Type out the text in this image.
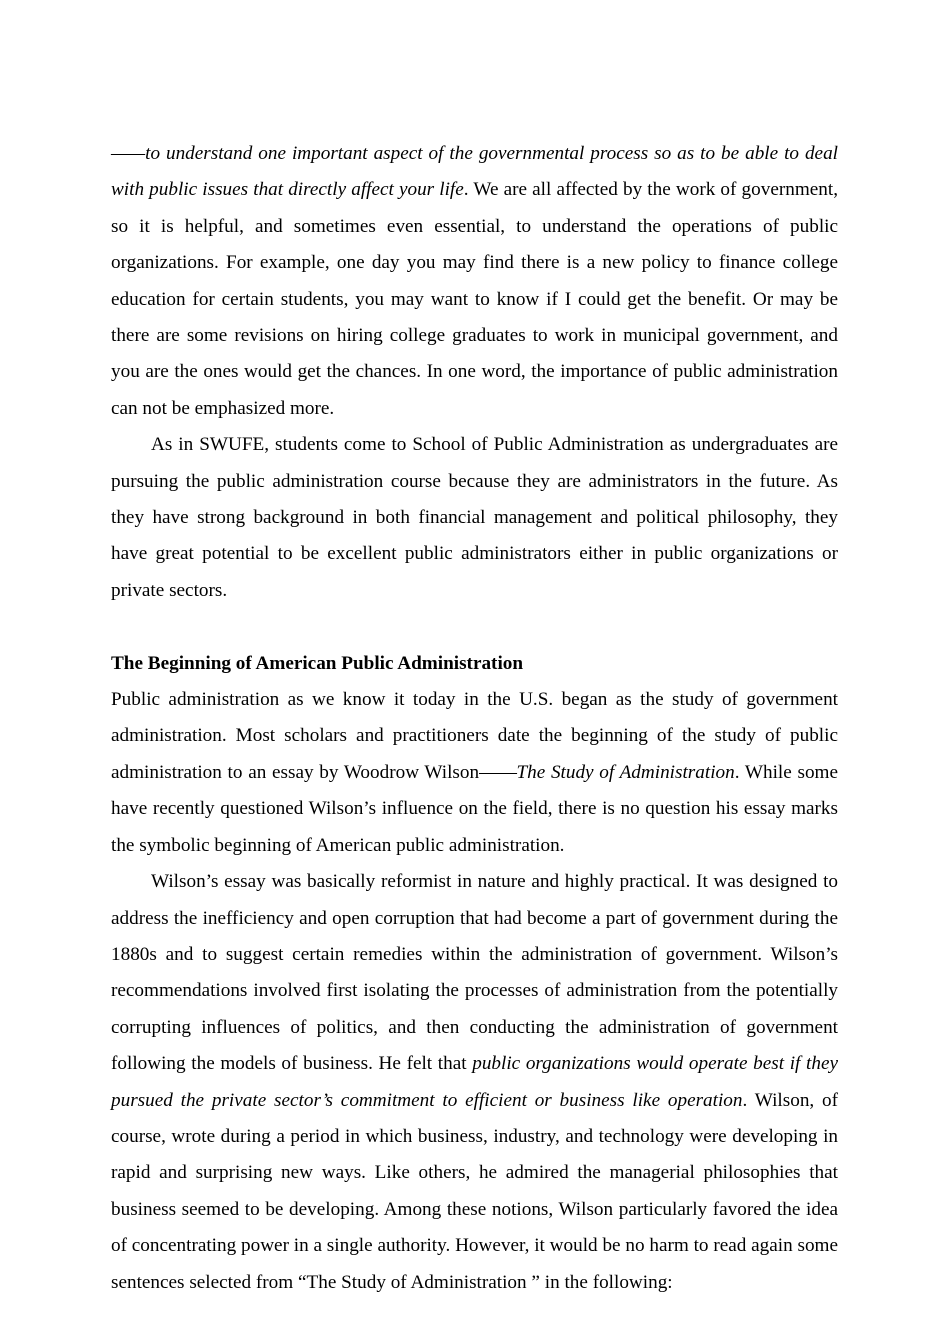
——to understand one important aspect of the governmental process so as to be able to deal with public issues that directly affect your life. We are all affected by the work of government, so it is helpful, and sometimes even essential, to understand the operations of public organizations. For example, one day you may find there is a new policy to finance college education for certain students, you may want to know if I could get the benefit. Or may be there are some revisions on hiring college graduates to work in municipal government, and you are the ones would get the chances. In one word, the importance of public administration can not be emphasized more.

As in SWUFE, students come to School of Public Administration as undergraduates are pursuing the public administration course because they are administrators in the future. As they have strong background in both financial management and political philosophy, they have great potential to be excellent public administrators either in public organizations or private sectors.

The Beginning of American Public Administration

Public administration as we know it today in the U.S. began as the study of government administration. Most scholars and practitioners date the beginning of the study of public administration to an essay by Woodrow Wilson——The Study of Administration. While some have recently questioned Wilson’s influence on the field, there is no question his essay marks the symbolic beginning of American public administration.

Wilson’s essay was basically reformist in nature and highly practical. It was designed to address the inefficiency and open corruption that had become a part of government during the 1880s and to suggest certain remedies within the administration of government. Wilson’s recommendations involved first isolating the processes of administration from the potentially corrupting influences of politics, and then conducting the administration of government following the models of business. He felt that public organizations would operate best if they pursued the private sector’s commitment to efficient or business like operation. Wilson, of course, wrote during a period in which business, industry, and technology were developing in rapid and surprising new ways. Like others, he admired the managerial philosophies that business seemed to be developing. Among these notions, Wilson particularly favored the idea of concentrating power in a single authority. However, it would be no harm to read again some sentences selected from “The Study of Administration ” in the following:
